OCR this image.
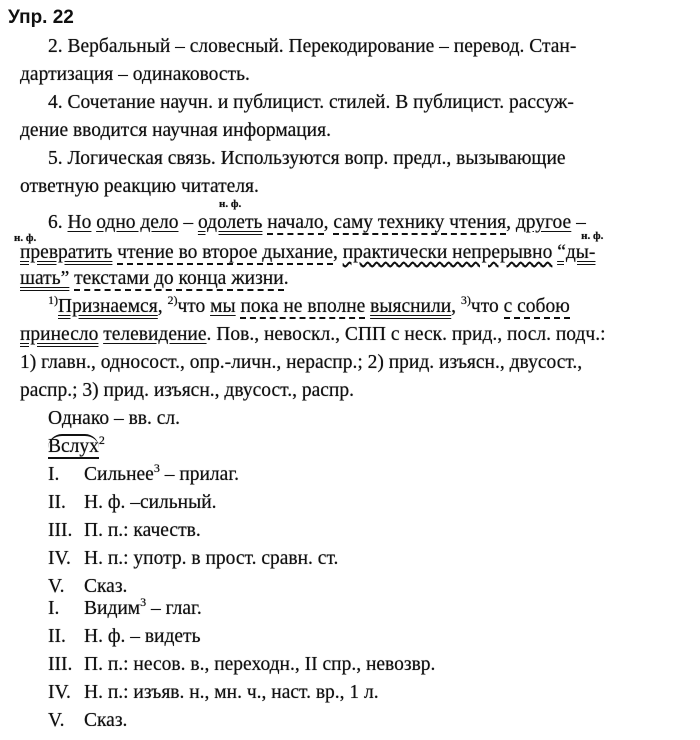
Упр. 22
2. Вербальный – словесный. Перекодирование – перевод. Стан-
дартизация – одинаковость.
4. Сочетание научн. и публицист. стилей. В публицист. рассуж-
дение вводится научная информация.
5. Логическая связь. Используются вопр. предл., вызывающие
ответную реакцию читателя.
6. Но одно дело –
н. ф.
одолеть начало, саму технику чтения, другое –
н. ф.
превратить чтение во второе дыхание, практически непрерывно
н. ф.
“ды-
шать” текстами до конца жизни.
$^{1)}$Признаемся, $^{2)}$что мы пока не вполне выяснили, $^{3)}$что с собою
принесло телевидение. Пов., невоскл., СПП с неск. прид., посл. подч.:
1) главн., односост., опр.-личн., нераспр.; 2) прид. изъясн., двусост.,
распр.; 3) прид. изъясн., двусост., распр.
Однако – вв. сл.
Вслух$^2$
I. Сильнее$^3$ – прилаг.
II. Н. ф. –сильный.
III. П. п.: качеств.
IV. Н. п.: употр. в прост. сравн. ст.
V. Сказ.
I. Видим$^3$ – глаг.
II. Н. ф. – видеть
III. П. п.: несов. в., переходн., II спр., невозвр.
IV. Н. п.: изъяв. н., мн. ч., наст. вр., 1 л.
V. Сказ.
